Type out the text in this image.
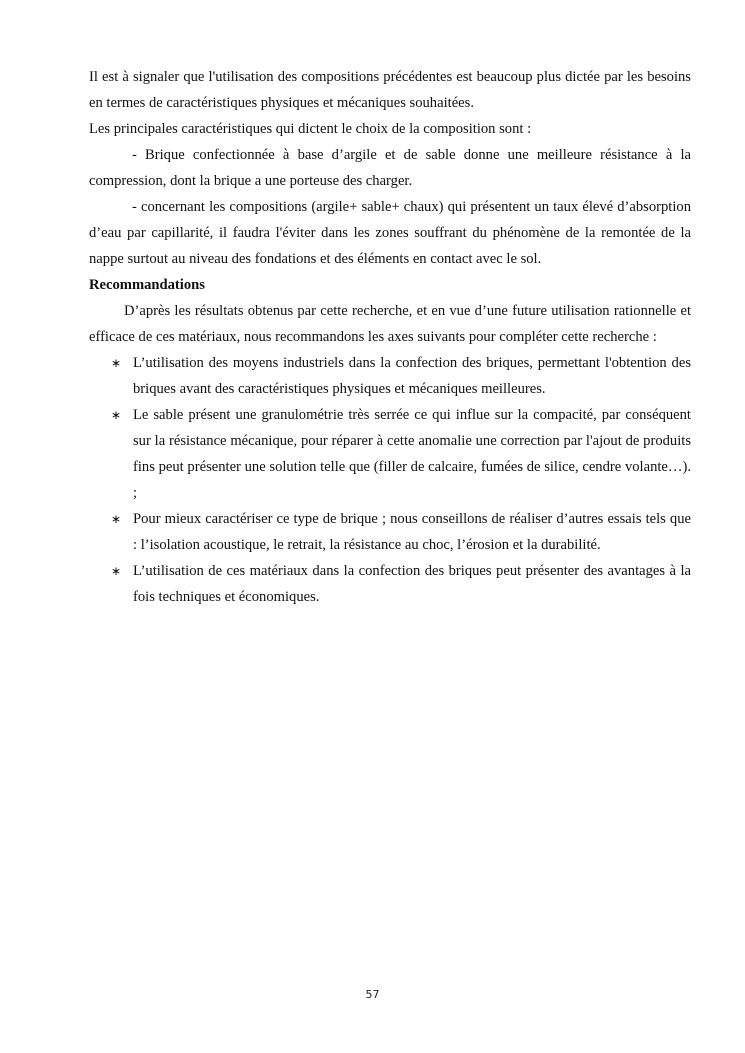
Il est à signaler que l'utilisation des compositions précédentes est beaucoup plus dictée par les besoins en termes de caractéristiques physiques et mécaniques souhaitées.

Les principales caractéristiques qui dictent le choix de la composition sont :

- Brique confectionnée à base d’argile et de sable donne une meilleure résistance à la compression, dont la brique a une porteuse des charger.

- concernant les compositions (argile+ sable+ chaux) qui présentent un taux élevé d’absorption d’eau par capillarité, il faudra l'éviter dans les zones souffrant du phénomène de la remontée de la nappe surtout au niveau des fondations et des éléments en contact avec le sol.

Recommandations

D’après les résultats obtenus par cette recherche, et en vue d’une future utilisation rationnelle et efficace de ces matériaux, nous recommandons les axes suivants pour compléter cette recherche :

∗ L’utilisation des moyens industriels dans la confection des briques, permettant l'obtention des briques avant des caractéristiques physiques et mécaniques meilleures.
∗ Le sable présent une granulométrie très serrée ce qui influe sur la compacité, par conséquent sur la résistance mécanique, pour réparer à cette anomalie une correction par l'ajout de produits fins peut présenter une solution telle que (filler de calcaire, fumées de silice, cendre volante…). ;
∗ Pour mieux caractériser ce type de brique ; nous conseillons de réaliser d’autres essais tels que : l’isolation acoustique, le retrait, la résistance au choc, l’érosion et la durabilité.
∗ L’utilisation de ces matériaux dans la confection des briques peut présenter des avantages à la fois techniques et économiques.
57
